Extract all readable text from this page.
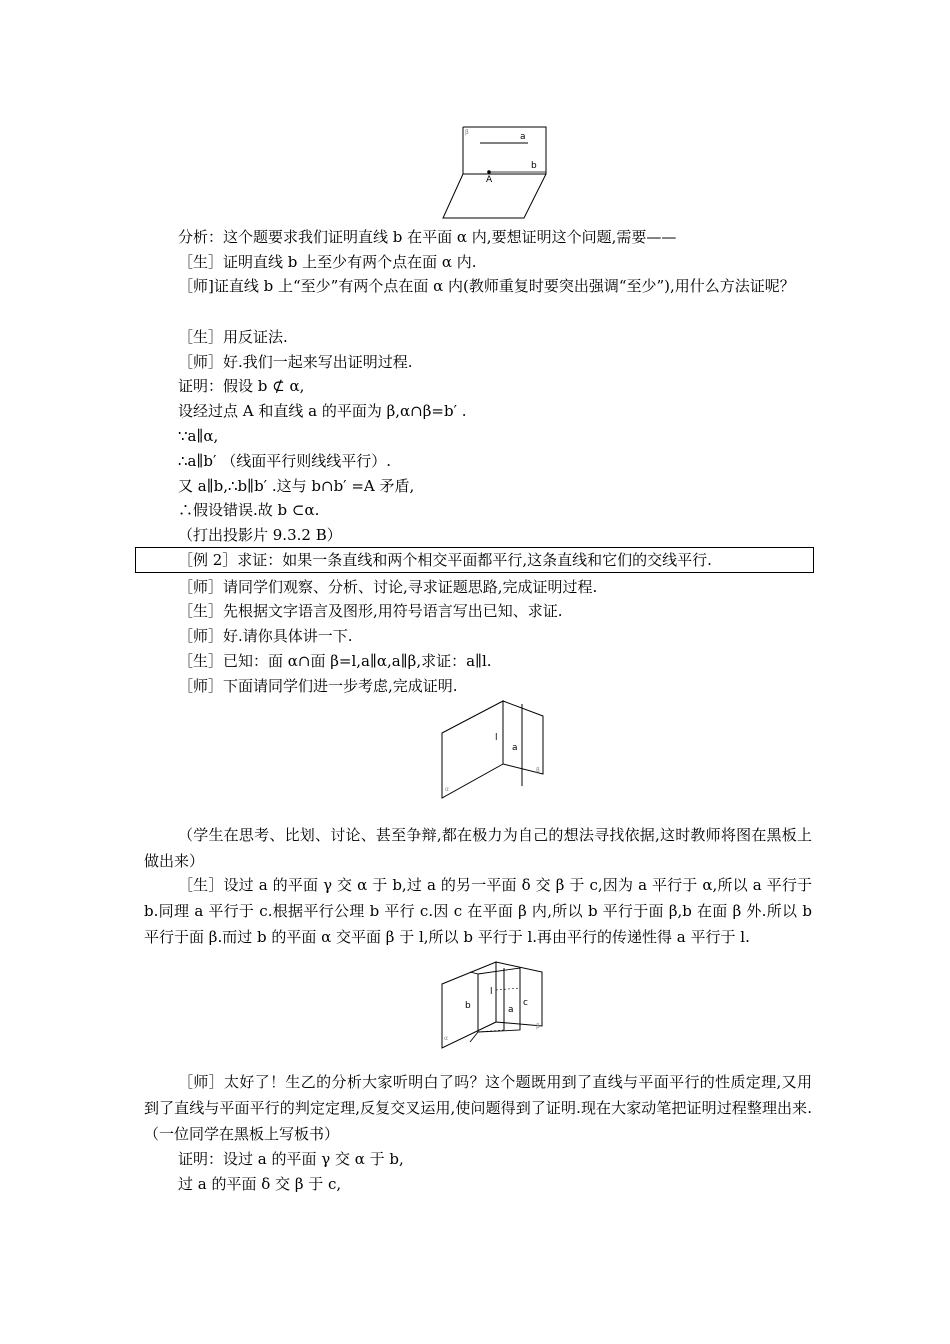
a
b
A
β
分析：这个题要求我们证明直线 b 在平面 α 内,要想证明这个问题,需要——
［生］证明直线 b 上至少有两个点在面 α 内.
［师]证直线 b 上“至少”有两个点在面 α 内(教师重复时要突出强调“至少”),用什么方法证呢？
［生］用反证法.
［师］好.我们一起来写出证明过程.
证明：假设 b ⊄ α,
设经过点 A 和直线 a 的平面为 β,α∩β=b′ .
∵a∥α,
∴a∥b′ （线面平行则线线平行）.
又 a∥b,∴b∥b′ .这与 b∩b′ =A 矛盾,
∴假设错误.故 b ⊂α.
（打出投影片 9.3.2 B）
［例 2］求证：如果一条直线和两个相交平面都平行,这条直线和它们的交线平行.
［师］请同学们观察、分析、讨论,寻求证题思路,完成证明过程.
［生］先根据文字语言及图形,用符号语言写出已知、求证.
［师］好.请你具体讲一下.
［生］已知：面 α∩面 β=l,a∥α,a∥β,求证：a∥l.
［师］下面请同学们进一步考虑,完成证明.
l
a
α
β
（学生在思考、比划、讨论、甚至争辩,都在极力为自己的想法寻找依据,这时教师将图在黑板上做出来）
［生］设过 a 的平面 γ 交 α 于 b,过 a 的另一平面 δ 交 β 于 c,因为 a 平行于 α,所以 a 平行于 b.同理 a 平行于 c.根据平行公理 b 平行 c.因 c 在平面 β 内,所以 b 平行于面 β,b 在面 β 外.所以 b 平行于面 β.而过 b 的平面 α 交平面 β 于 l,所以 b 平行于 l.再由平行的传递性得 a 平行于 l.
b
l
a
c
α
β
［师］太好了！生乙的分析大家听明白了吗？这个题既用到了直线与平面平行的性质定理,又用到了直线与平面平行的判定定理,反复交叉运用,使问题得到了证明.现在大家动笔把证明过程整理出来.（一位同学在黑板上写板书）
证明：设过 a 的平面 γ 交 α 于 b,
过 a 的平面 δ 交 β 于 c,
